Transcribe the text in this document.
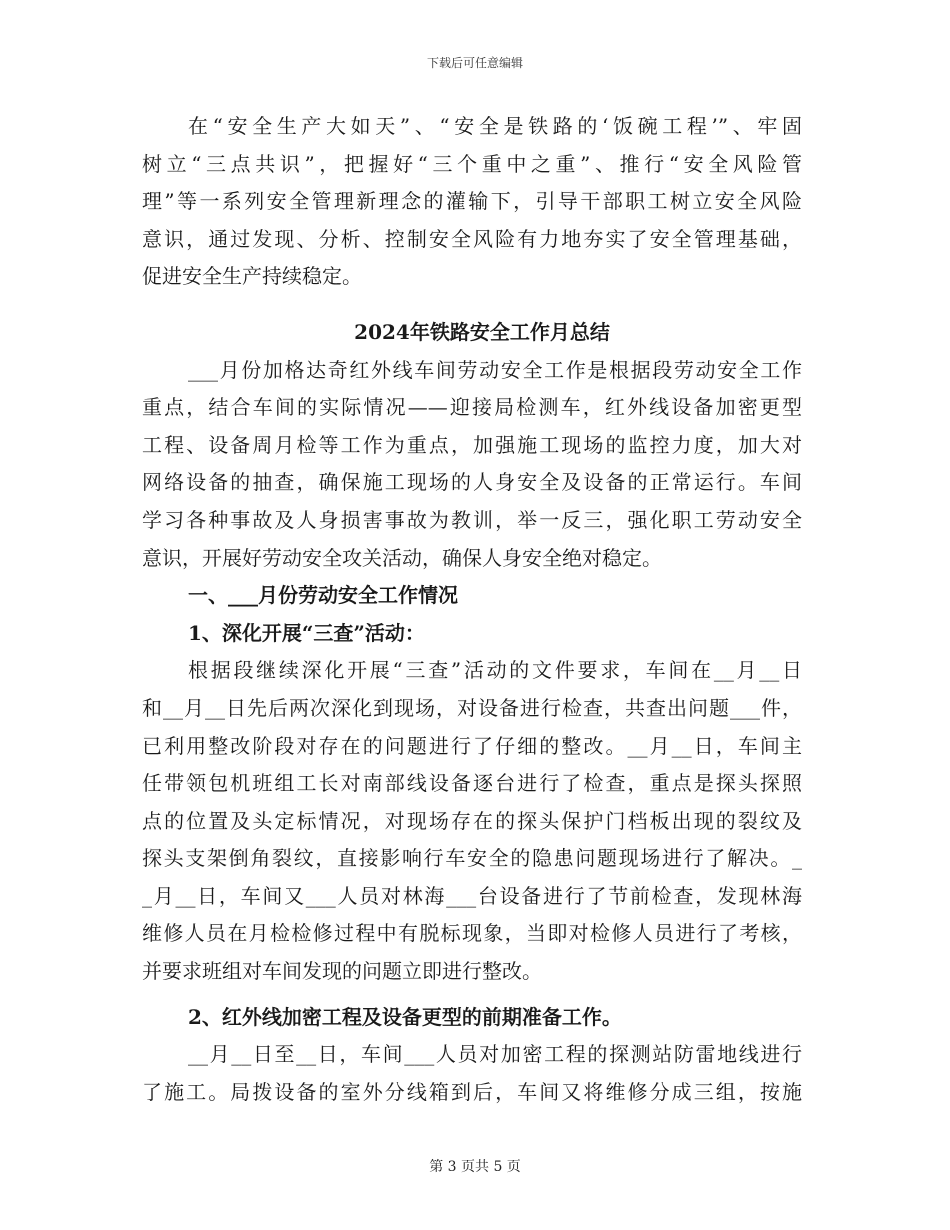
下载后可任意编辑
在“安全生产大如天”、“安全是铁路的‘饭碗工程’”、牢固
树立“三点共识”，把握好“三个重中之重”、推行“安全风险管
理”等一系列安全管理新理念的灌输下，引导干部职工树立安全风险
意识，通过发现、分析、控制安全风险有力地夯实了安全管理基础，
促进安全生产持续稳定。
2024年铁路安全工作月总结
___月份加格达奇红外线车间劳动安全工作是根据段劳动安全工作
重点，结合车间的实际情况——迎接局检测车，红外线设备加密更型
工程、设备周月检等工作为重点，加强施工现场的监控力度，加大对
网络设备的抽查，确保施工现场的人身安全及设备的正常运行。车间
学习各种事故及人身损害事故为教训，举一反三，强化职工劳动安全
意识，开展好劳动安全攻关活动，确保人身安全绝对稳定。
一、___月份劳动安全工作情况
1、深化开展“三查”活动：
根据段继续深化开展“三查”活动的文件要求，车间在__月__日
和__月__日先后两次深化到现场，对设备进行检查，共查出问题___件，
已利用整改阶段对存在的问题进行了仔细的整改。__月__日，车间主
任带领包机班组工长对南部线设备逐台进行了检查，重点是探头探照
点的位置及头定标情况，对现场存在的探头保护门档板出现的裂纹及
探头支架倒角裂纹，直接影响行车安全的隐患问题现场进行了解决。_
_月__日，车间又___人员对林海___台设备进行了节前检查，发现林海
维修人员在月检检修过程中有脱标现象，当即对检修人员进行了考核，
并要求班组对车间发现的问题立即进行整改。
2、红外线加密工程及设备更型的前期准备工作。
__月__日至__日，车间___人员对加密工程的探测站防雷地线进行
了施工。局拨设备的室外分线箱到后，车间又将维修分成三组，按施
第 3 页共 5 页
